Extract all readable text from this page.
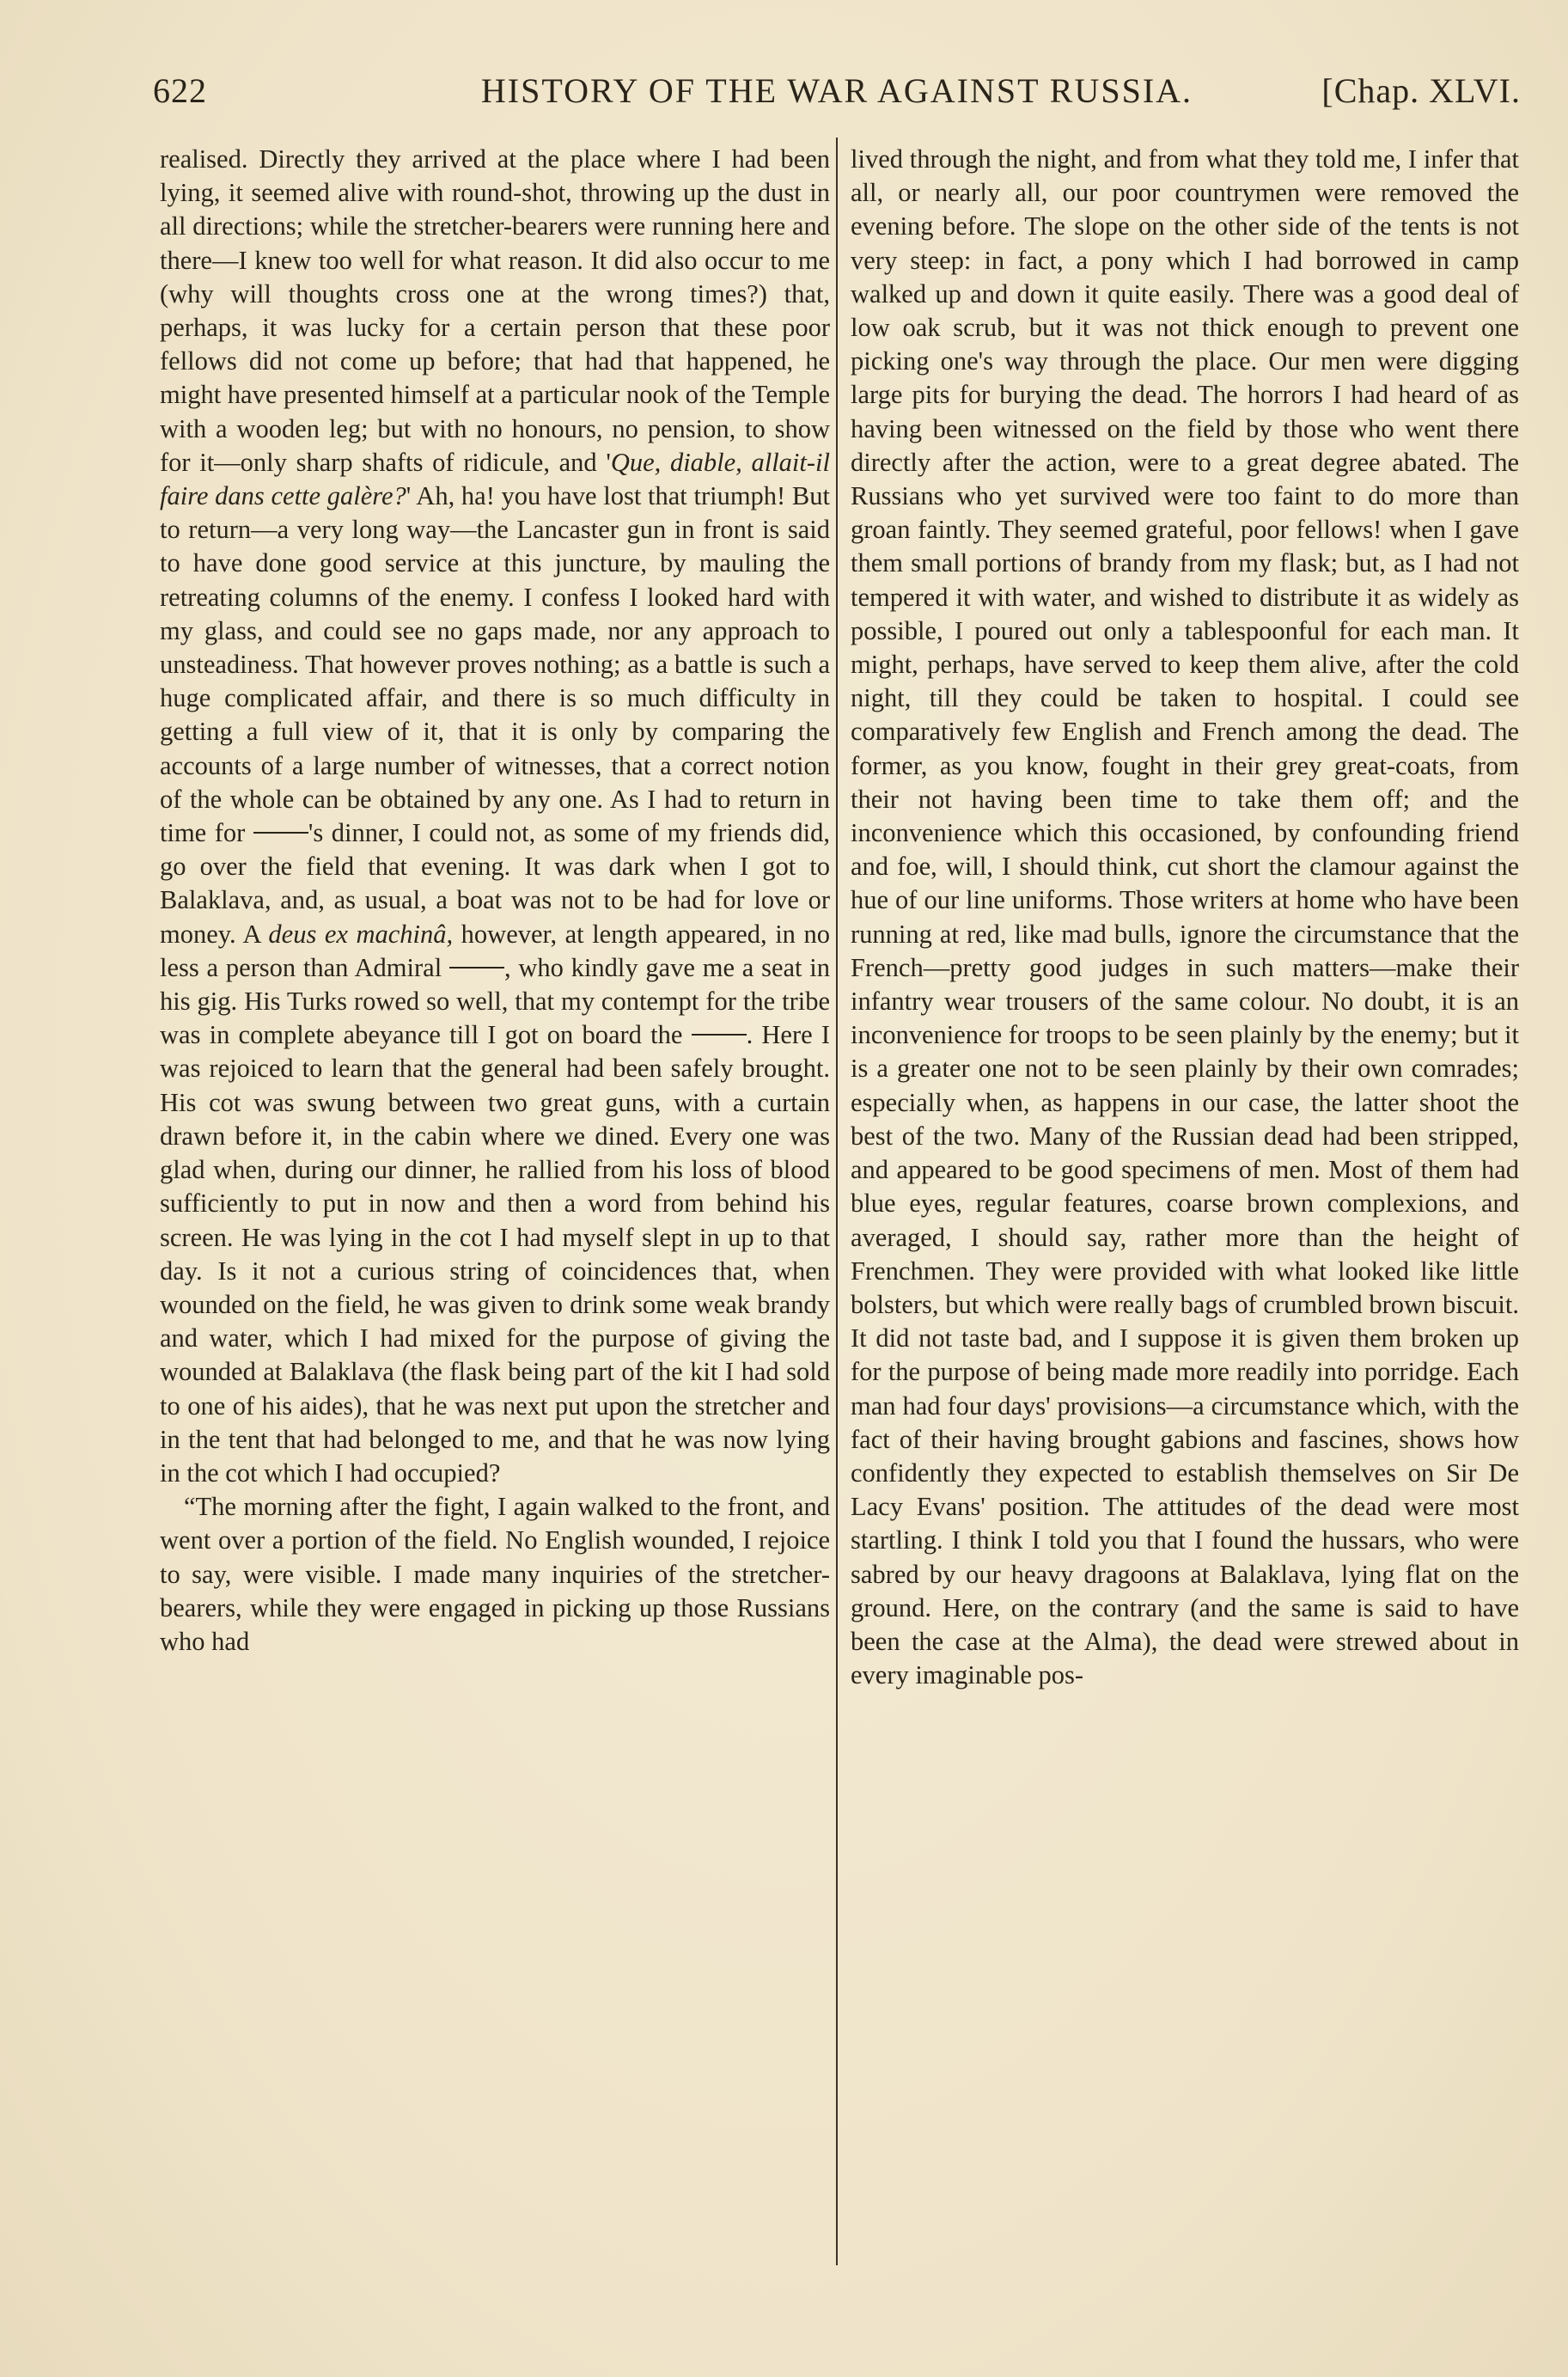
622	HISTORY OF THE WAR AGAINST RUSSIA.	[Chap. XLVI.

realised. Directly they arrived at the place where I had been lying, it seemed alive with round-shot, throwing up the dust in all directions; while the stretcher-bearers were running here and there—I knew too well for what reason. It did also occur to me (why will thoughts cross one at the wrong times?) that, perhaps, it was lucky for a certain person that these poor fellows did not come up before; that had that happened, he might have presented himself at a particular nook of the Temple with a wooden leg; but with no honours, no pension, to show for it—only sharp shafts of ridicule, and 'Que, diable, allait-il faire dans cette galère?' Ah, ha! you have lost that triumph! But to return—a very long way—the Lancaster gun in front is said to have done good service at this juncture, by mauling the retreating columns of the enemy. I confess I looked hard with my glass, and could see no gaps made, nor any approach to unsteadiness. That however proves nothing; as a battle is such a huge complicated affair, and there is so much difficulty in getting a full view of it, that it is only by comparing the accounts of a large number of witnesses, that a correct notion of the whole can be obtained by any one. As I had to return in time for 's dinner, I could not, as some of my friends did, go over the field that evening. It was dark when I got to Balaklava, and, as usual, a boat was not to be had for love or money. A deus ex machinâ, however, at length appeared, in no less a person than Admiral , who kindly gave me a seat in his gig. His Turks rowed so well, that my contempt for the tribe was in complete abeyance till I got on board the . Here I was rejoiced to learn that the general had been safely brought. His cot was swung between two great guns, with a curtain drawn before it, in the cabin where we dined. Every one was glad when, during our dinner, he rallied from his loss of blood sufficiently to put in now and then a word from behind his screen. He was lying in the cot I had myself slept in up to that day. Is it not a curious string of coincidences that, when wounded on the field, he was given to drink some weak brandy and water, which I had mixed for the purpose of giving the wounded at Balaklava (the flask being part of the kit I had sold to one of his aides), that he was next put upon the stretcher and in the tent that had belonged to me, and that he was now lying in the cot which I had occupied?

“The morning after the fight, I again walked to the front, and went over a portion of the field. No English wounded, I rejoice to say, were visible. I made many inquiries of the stretcher-bearers, while they were engaged in picking up those Russians who had

lived through the night, and from what they told me, I infer that all, or nearly all, our poor countrymen were removed the evening before. The slope on the other side of the tents is not very steep: in fact, a pony which I had borrowed in camp walked up and down it quite easily. There was a good deal of low oak scrub, but it was not thick enough to prevent one picking one's way through the place. Our men were digging large pits for burying the dead. The horrors I had heard of as having been witnessed on the field by those who went there directly after the action, were to a great degree abated. The Russians who yet survived were too faint to do more than groan faintly. They seemed grateful, poor fellows! when I gave them small portions of brandy from my flask; but, as I had not tempered it with water, and wished to distribute it as widely as possible, I poured out only a tablespoonful for each man. It might, perhaps, have served to keep them alive, after the cold night, till they could be taken to hospital. I could see comparatively few English and French among the dead. The former, as you know, fought in their grey great-coats, from their not having been time to take them off; and the inconvenience which this occasioned, by confounding friend and foe, will, I should think, cut short the clamour against the hue of our line uniforms. Those writers at home who have been running at red, like mad bulls, ignore the circumstance that the French—pretty good judges in such matters—make their infantry wear trousers of the same colour. No doubt, it is an inconvenience for troops to be seen plainly by the enemy; but it is a greater one not to be seen plainly by their own comrades; especially when, as happens in our case, the latter shoot the best of the two. Many of the Russian dead had been stripped, and appeared to be good specimens of men. Most of them had blue eyes, regular features, coarse brown complexions, and averaged, I should say, rather more than the height of Frenchmen. They were provided with what looked like little bolsters, but which were really bags of crumbled brown biscuit. It did not taste bad, and I suppose it is given them broken up for the purpose of being made more readily into porridge. Each man had four days' provisions—a circumstance which, with the fact of their having brought gabions and fascines, shows how confidently they expected to establish themselves on Sir De Lacy Evans' position. The attitudes of the dead were most startling. I think I told you that I found the hussars, who were sabred by our heavy dragoons at Balaklava, lying flat on the ground. Here, on the contrary (and the same is said to have been the case at the Alma), the dead were strewed about in every imaginable pos-
